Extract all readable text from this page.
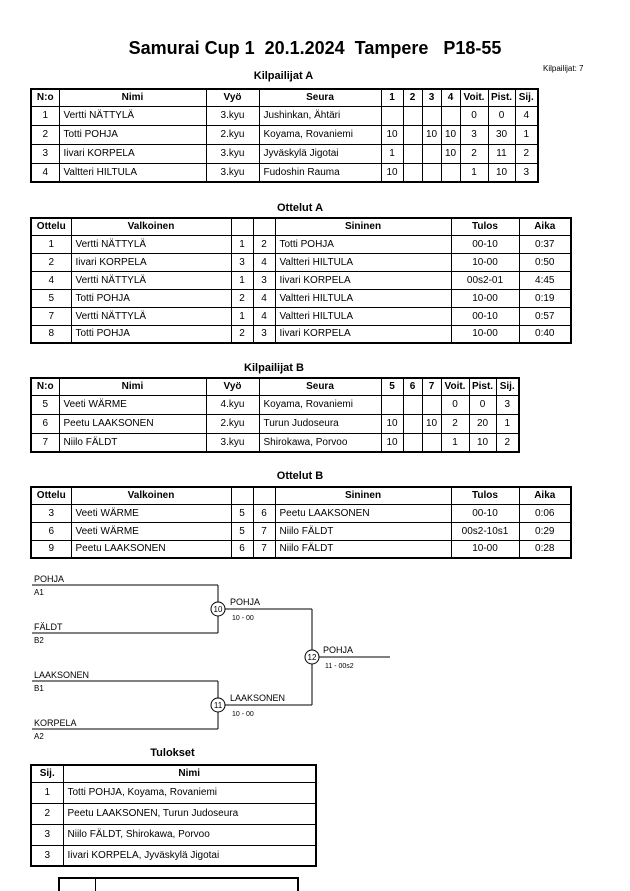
Samurai Cup 1  20.1.2024  Tampere   P18-55
Kilpailijat: 7
Kilpailijat A
N:o	Nimi	Vyö	Seura	1	2	3	4	Voit.	Pist.	Sij.
1	Vertti NÄTTYLÄ	3.kyu	Jushinkan, Ähtäri					0	0	4
2	Totti POHJA	2.kyu	Koyama, Rovaniemi	10		10	10	3	30	1
3	Iivari KORPELA	3.kyu	Jyväskylä Jigotai	1			10	2	11	2
4	Valtteri HILTULA	3.kyu	Fudoshin Rauma	10				1	10	3
Ottelut A
Ottelu	Valkoinen			Sininen	Tulos	Aika
1	Vertti NÄTTYLÄ	1	2	Totti POHJA	00-10	0:37
2	Iivari KORPELA	3	4	Valtteri HILTULA	10-00	0:50
4	Vertti NÄTTYLÄ	1	3	Iivari KORPELA	00s2-01	4:45
5	Totti POHJA	2	4	Valtteri HILTULA	10-00	0:19
7	Vertti NÄTTYLÄ	1	4	Valtteri HILTULA	00-10	0:57
8	Totti POHJA	2	3	Iivari KORPELA	10-00	0:40
Kilpailijat B
N:o	Nimi	Vyö	Seura	5	6	7	Voit.	Pist.	Sij.
5	Veeti WÄRME	4.kyu	Koyama, Rovaniemi				0	0	3
6	Peetu LAAKSONEN	2.kyu	Turun Judoseura	10		10	2	20	1
7	Niilo FÄLDT	3.kyu	Shirokawa, Porvoo	10			1	10	2
Ottelut B
Ottelu	Valkoinen			Sininen	Tulos	Aika
3	Veeti WÄRME	5	6	Peetu LAAKSONEN	00-10	0:06
6	Veeti WÄRME	5	7	Niilo FÄLDT	00s2-10s1	0:29
9	Peetu LAAKSONEN	6	7	Niilo FÄLDT	10-00	0:28
POHJA
A1
FÄLDT
B2
POHJA
10 - 00
LAAKSONEN
B1
KORPELA
A2
LAAKSONEN
10 - 00
POHJA
11 - 00s2
10
11
12
Tulokset
Sij.	Nimi
1	Totti POHJA, Koyama, Rovaniemi
2	Peetu LAAKSONEN, Turun Judoseura
3	Niilo FÄLDT, Shirokawa, Porvoo
3	Iivari KORPELA, Jyväskylä Jigotai
